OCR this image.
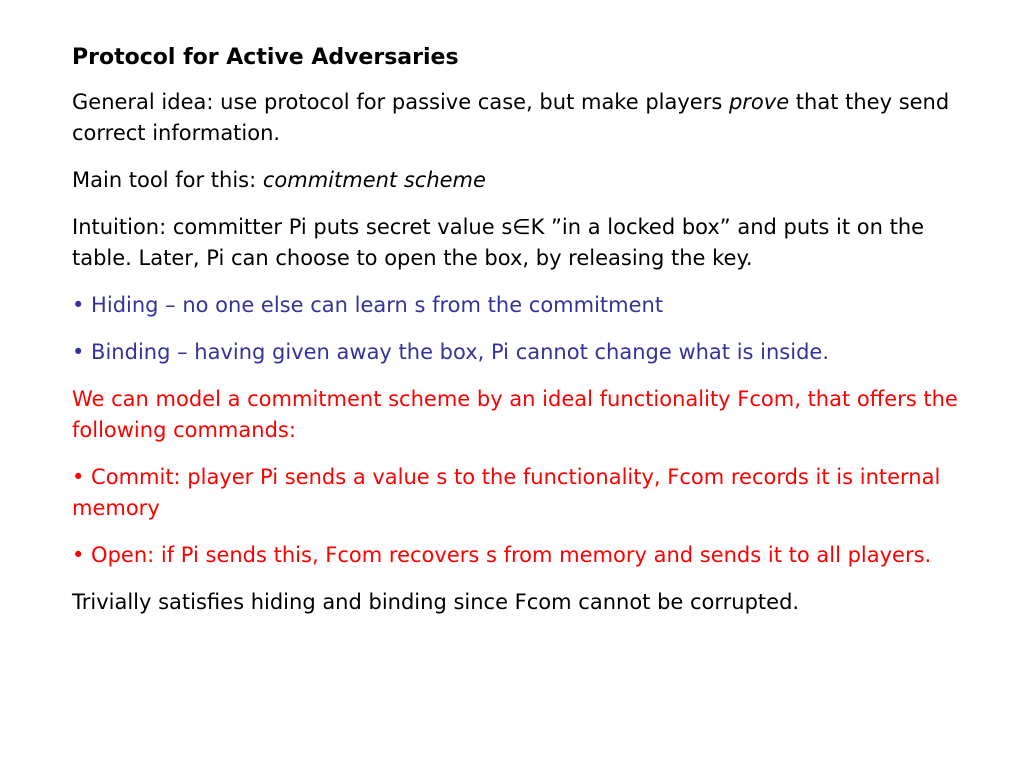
Protocol for Active Adversaries
General idea: use protocol for passive case, but make players prove that they send correct information.
Main tool for this: commitment scheme
Intuition: committer Pi puts secret value s∈K ”in a locked box” and puts it on the table. Later, Pi can choose to open the box, by releasing the key.
• Hiding – no one else can learn s from the commitment
• Binding – having given away the box, Pi cannot change what is inside.
We can model a commitment scheme by an ideal functionality Fcom, that offers the following commands:
• Commit: player Pi sends a value s to the functionality, Fcom records it is internal memory
• Open: if Pi sends this, Fcom recovers s from memory and sends it to all players.
Trivially satisfies hiding and binding since Fcom cannot be corrupted.
